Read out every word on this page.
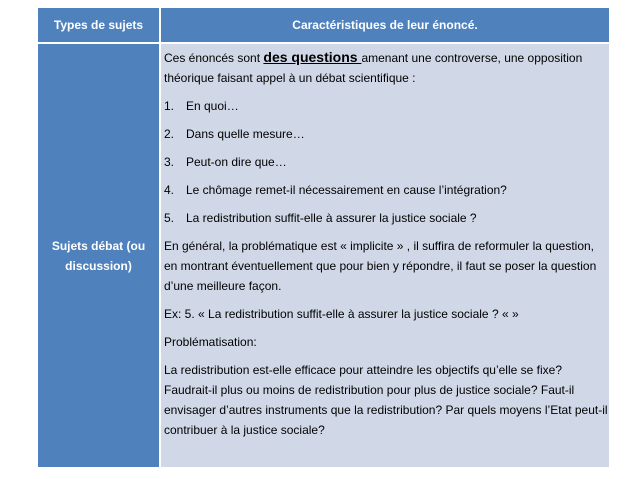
Types de sujets	Caractéristiques de leur énoncé.
Sujets débat (ou discussion)

Ces énoncés sont des questions amenant une controverse, une opposition théorique faisant appel à un débat scientifique :

1. En quoi…
2. Dans quelle mesure…
3. Peut-on dire que…
4. Le chômage remet-il nécessairement en cause l’intégration?
5. La redistribution suffit-elle à assurer la justice sociale ?

En général, la problématique est « implicite » , il suffira de reformuler la question, en montrant éventuellement que pour bien y répondre, il faut se poser la question d’une meilleure façon.

Ex: 5. « La redistribution suffit-elle à assurer la justice sociale ? « »

Problématisation:

La redistribution est-elle efficace pour atteindre les objectifs qu’elle se fixe? Faudrait-il plus ou moins de redistribution pour plus de justice sociale? Faut-il envisager d’autres instruments que la redistribution? Par quels moyens l’Etat peut-il contribuer à la justice sociale?
